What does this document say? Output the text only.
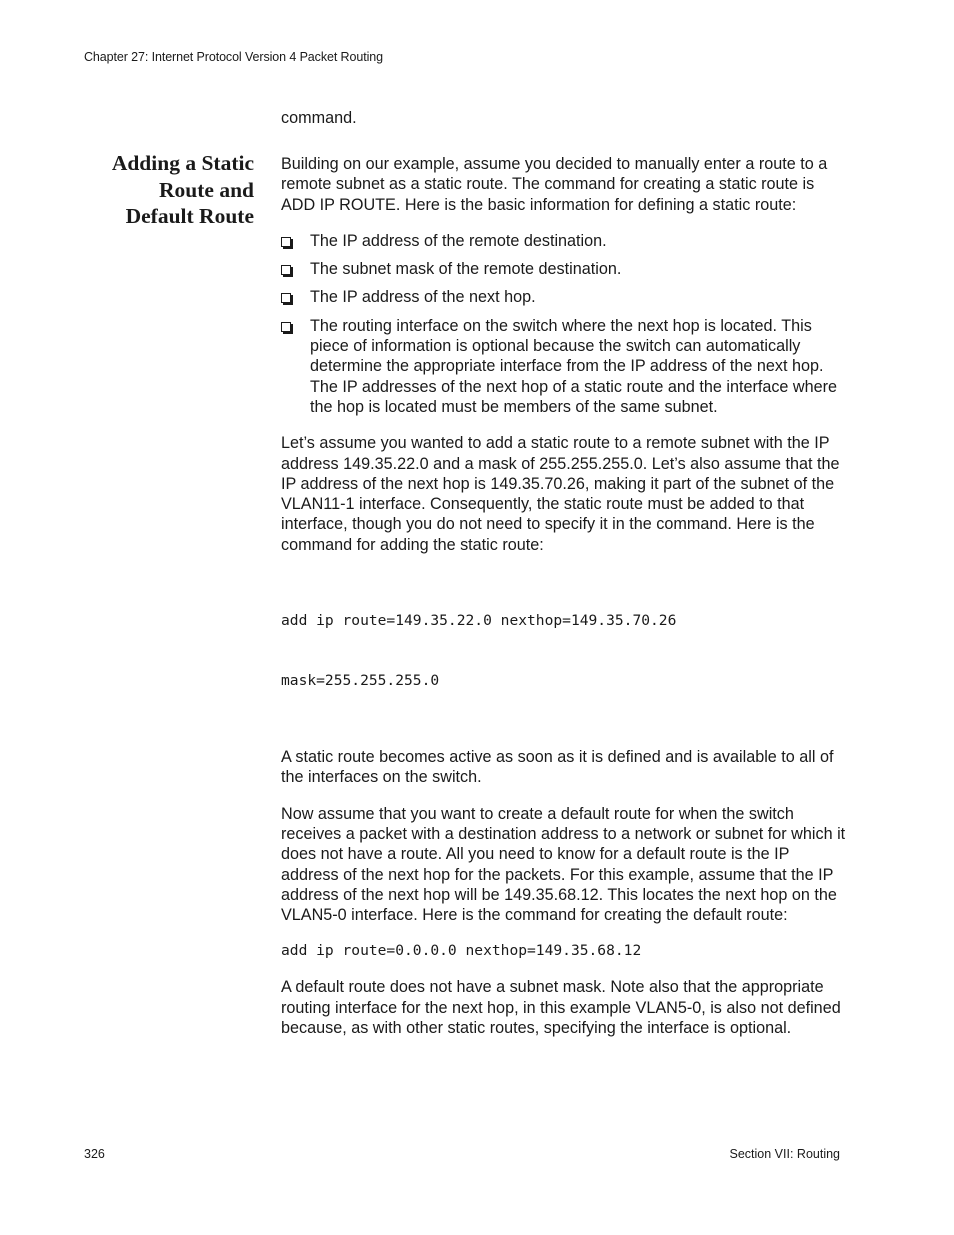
Chapter 27: Internet Protocol Version 4 Packet Routing
command.
Adding a Static
Route and
Default Route

Building on our example, assume you decided to manually enter a route to a remote subnet as a static route. The command for creating a static route is ADD IP ROUTE. Here is the basic information for defining a static route:

The IP address of the remote destination.
The subnet mask of the remote destination.
The IP address of the next hop.
The routing interface on the switch where the next hop is located. This piece of information is optional because the switch can automatically determine the appropriate interface from the IP address of the next hop. The IP addresses of the next hop of a static route and the interface where the hop is located must be members of the same subnet.

Let’s assume you wanted to add a static route to a remote subnet with the IP address 149.35.22.0 and a mask of 255.255.255.0. Let’s also assume that the IP address of the next hop is 149.35.70.26, making it part of the subnet of the VLAN11-1 interface. Consequently, the static route must be added to that interface, though you do not need to specify it in the command. Here is the command for adding the static route:

add ip route=149.35.22.0 nexthop=149.35.70.26

mask=255.255.255.0

A static route becomes active as soon as it is defined and is available to all of the interfaces on the switch.

Now assume that you want to create a default route for when the switch receives a packet with a destination address to a network or subnet for which it does not have a route. All you need to know for a default route is the IP address of the next hop for the packets. For this example, assume that the IP address of the next hop will be 149.35.68.12. This locates the next hop on the VLAN5-0 interface. Here is the command for creating the default route:

add ip route=0.0.0.0 nexthop=149.35.68.12

A default route does not have a subnet mask. Note also that the appropriate routing interface for the next hop, in this example VLAN5-0, is also not defined because, as with other static routes, specifying the interface is optional.

326	Section VII: Routing
